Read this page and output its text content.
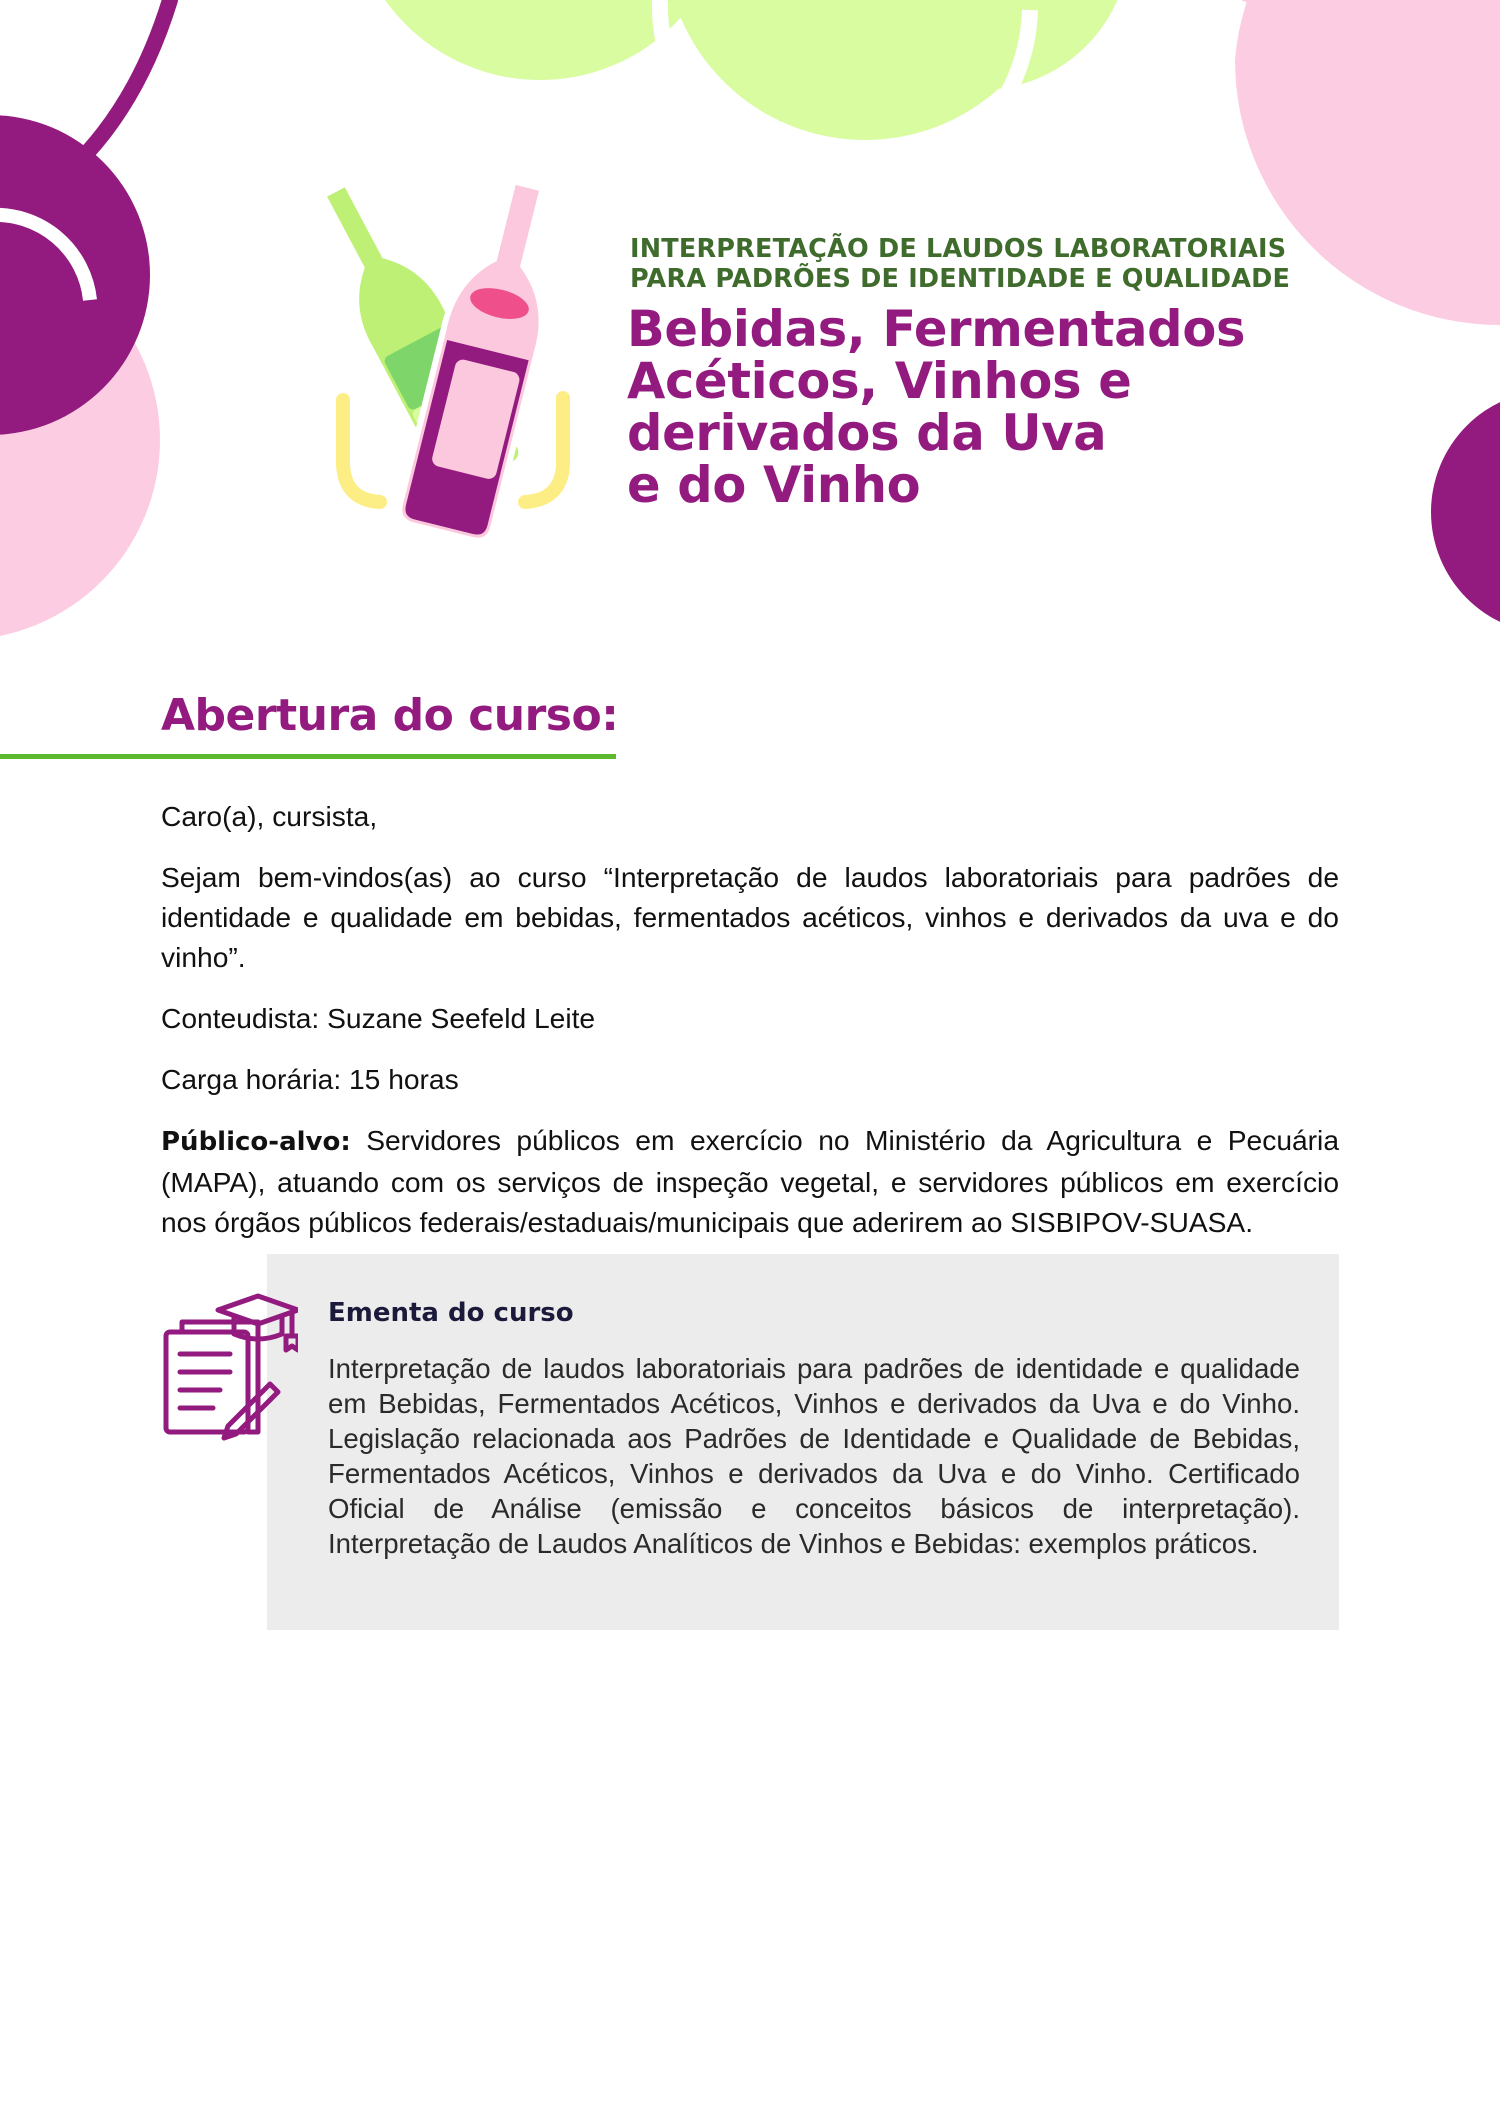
INTERPRETAÇÃO DE LAUDOS LABORATORIAIS
PARA PADRÕES DE IDENTIDADE E QUALIDADE
Bebidas, Fermentados
Acéticos, Vinhos e
derivados da Uva
e do Vinho
Abertura do curso:

Caro(a), cursista,

Sejam bem-vindos(as) ao curso “Interpretação de laudos laboratoriais para padrões de identidade e qualidade em bebidas, fermentados acéticos, vinhos e derivados da uva e do vinho”.

Conteudista: Suzane Seefeld Leite

Carga horária: 15 horas

Público-alvo: Servidores públicos em exercício no Ministério da Agricultura e Pecuária (MAPA), atuando com os serviços de inspeção vegetal, e servidores públicos em exercício nos órgãos públicos federais/estaduais/municipais que aderirem ao SISBIPOV-SUASA.

Ementa do curso

Interpretação de laudos laboratoriais para padrões de identidade e qualidade em Bebidas, Fermentados Acéticos, Vinhos e derivados da Uva e do Vinho. Legislação relacionada aos Padrões de Identidade e Qualidade de Bebidas, Fermentados Acéticos, Vinhos e derivados da Uva e do Vinho. Certificado Oficial de Análise (emissão e conceitos básicos de interpretação). Interpretação de Laudos Analíticos de Vinhos e Bebidas: exemplos práticos.
